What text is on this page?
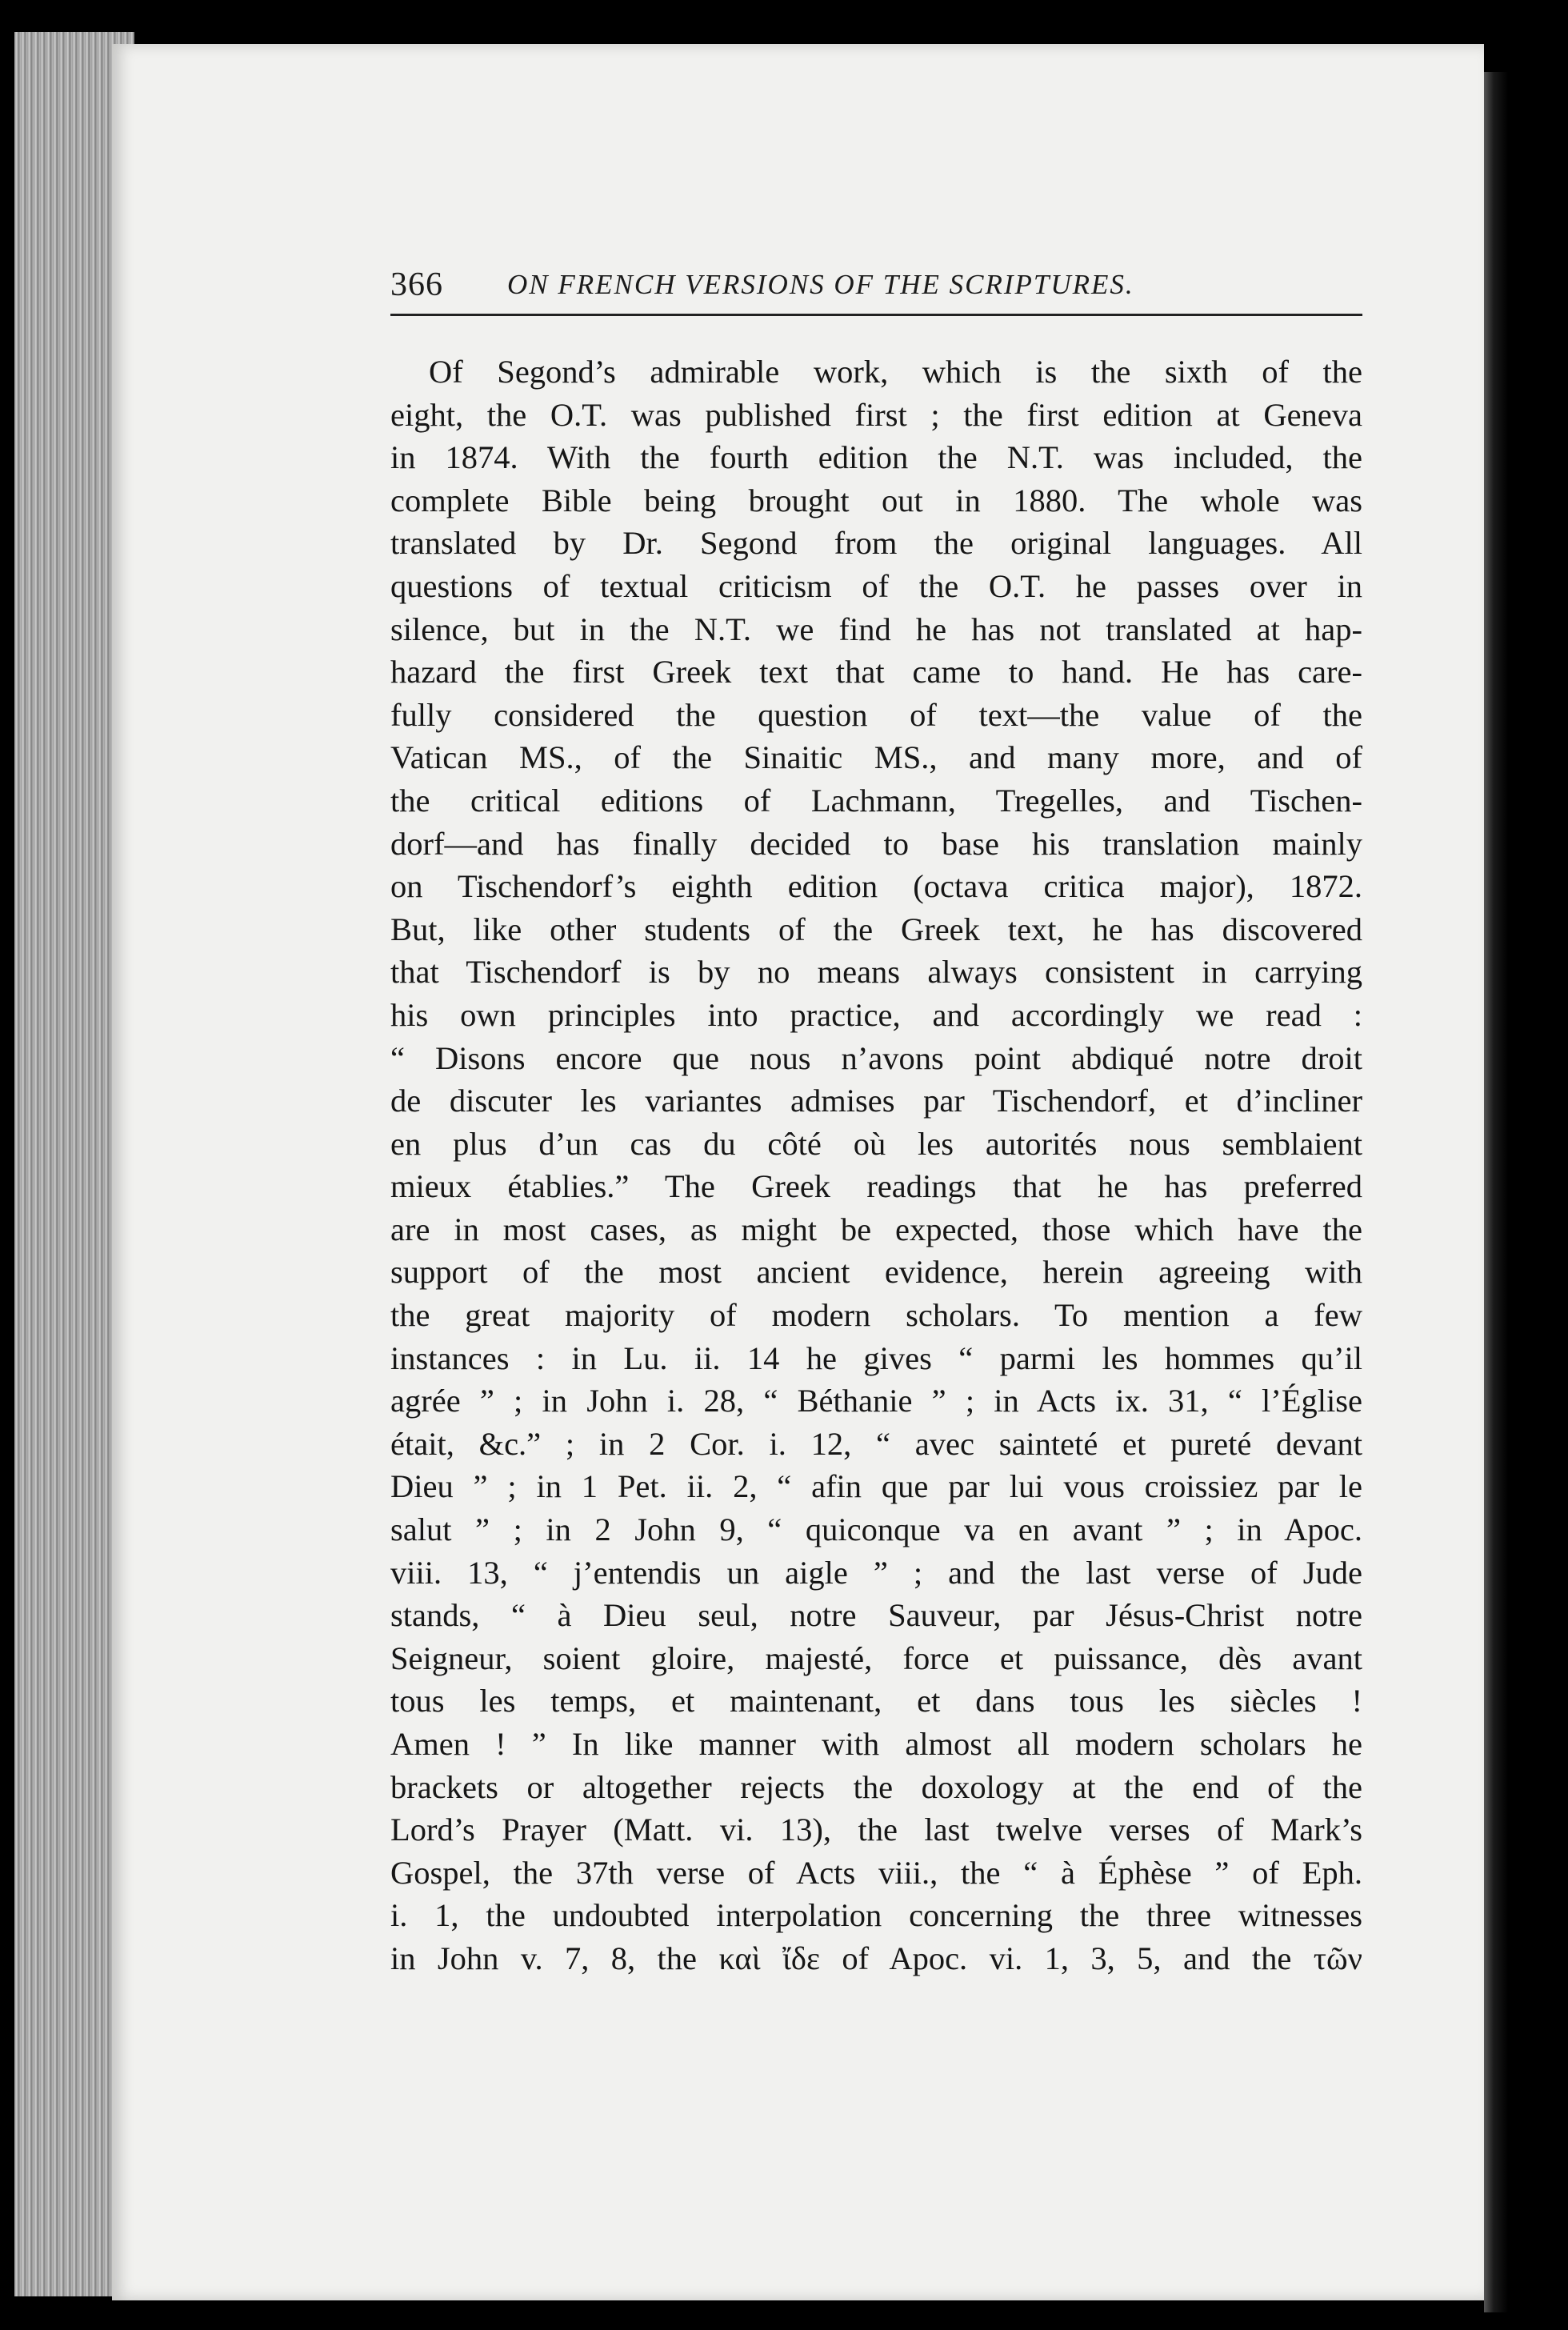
366 ON FRENCH VERSIONS OF THE SCRIPTURES.
Of Segond’s admirable work, which is the sixth of the
eight, the O.T. was published first ; the first edition at Geneva
in 1874. With the fourth edition the N.T. was included, the
complete Bible being brought out in 1880. The whole was
translated by Dr. Segond from the original languages. All
questions of textual criticism of the O.T. he passes over in
silence, but in the N.T. we find he has not translated at hap-
hazard the first Greek text that came to hand. He has care-
fully considered the question of text—the value of the
Vatican MS., of the Sinaitic MS., and many more, and of
the critical editions of Lachmann, Tregelles, and Tischen-
dorf—and has finally decided to base his translation mainly
on Tischendorf’s eighth edition (octava critica major), 1872.
But, like other students of the Greek text, he has discovered
that Tischendorf is by no means always consistent in carrying
his own principles into practice, and accordingly we read :
“ Disons encore que nous n’avons point abdiqué notre droit
de discuter les variantes admises par Tischendorf, et d’incliner
en plus d’un cas du côté où les autorités nous semblaient
mieux établies.” The Greek readings that he has preferred
are in most cases, as might be expected, those which have the
support of the most ancient evidence, herein agreeing with
the great majority of modern scholars. To mention a few
instances : in Lu. ii. 14 he gives “ parmi les hommes qu’il
agrée ” ; in John i. 28, “ Béthanie ” ; in Acts ix. 31, “ l’Église
était, &c.” ; in 2 Cor. i. 12, “ avec sainteté et pureté devant
Dieu ” ; in 1 Pet. ii. 2, “ afin que par lui vous croissiez par le
salut ” ; in 2 John 9, “ quiconque va en avant ” ; in Apoc.
viii. 13, “ j’entendis un aigle ” ; and the last verse of Jude
stands, “ à Dieu seul, notre Sauveur, par Jésus-Christ notre
Seigneur, soient gloire, majesté, force et puissance, dès avant
tous les temps, et maintenant, et dans tous les siècles !
Amen ! ” In like manner with almost all modern scholars he
brackets or altogether rejects the doxology at the end of the
Lord’s Prayer (Matt. vi. 13), the last twelve verses of Mark’s
Gospel, the 37th verse of Acts viii., the “ à Éphèse ” of Eph.
i. 1, the undoubted interpolation concerning the three witnesses
in John v. 7, 8, the καὶ ἴδε of Apoc. vi. 1, 3, 5, and the τῶν
